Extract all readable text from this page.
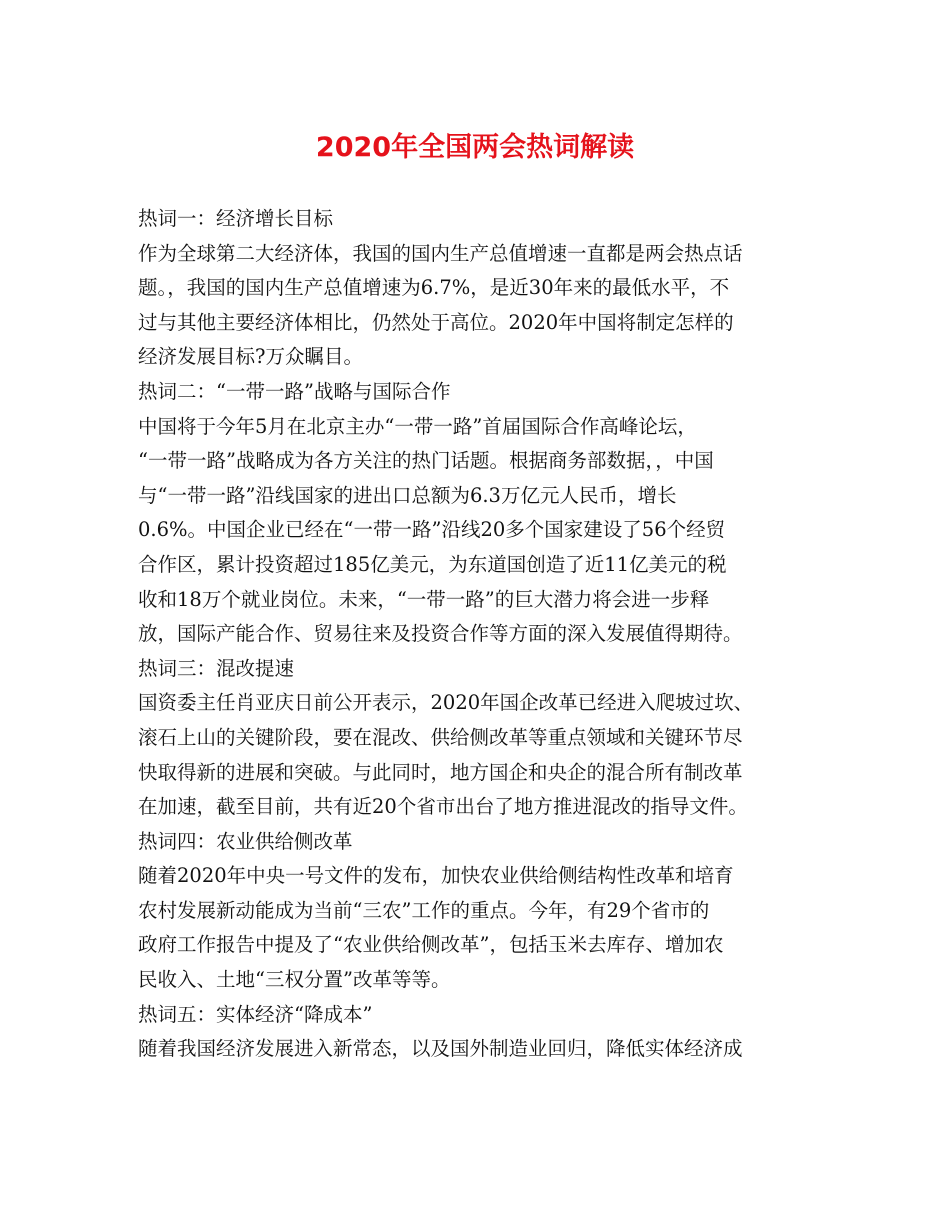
2020年全国两会热词解读
热词一：经济增长目标
作为全球第二大经济体，我国的国内生产总值增速一直都是两会热点话
题。，我国的国内生产总值增速为6.7%，是近30年来的最低水平，不
过与其他主要经济体相比，仍然处于高位。2020年中国将制定怎样的
经济发展目标?万众瞩目。
热词二：“一带一路”战略与国际合作
中国将于今年5月在北京主办“一带一路”首届国际合作高峰论坛，
“一带一路”战略成为各方关注的热门话题。根据商务部数据，，中国
与“一带一路”沿线国家的进出口总额为6.3万亿元人民币，增长
0.6%。中国企业已经在“一带一路”沿线20多个国家建设了56个经贸
合作区，累计投资超过185亿美元，为东道国创造了近11亿美元的税
收和18万个就业岗位。未来，“一带一路”的巨大潜力将会进一步释
放，国际产能合作、贸易往来及投资合作等方面的深入发展值得期待。
热词三：混改提速
国资委主任肖亚庆日前公开表示，2020年国企改革已经进入爬坡过坎、
滚石上山的关键阶段，要在混改、供给侧改革等重点领域和关键环节尽
快取得新的进展和突破。与此同时，地方国企和央企的混合所有制改革
在加速，截至目前，共有近20个省市出台了地方推进混改的指导文件。
热词四：农业供给侧改革
随着2020年中央一号文件的发布，加快农业供给侧结构性改革和培育
农村发展新动能成为当前“三农”工作的重点。今年，有29个省市的
政府工作报告中提及了“农业供给侧改革”，包括玉米去库存、增加农
民收入、土地“三权分置”改革等等。
热词五：实体经济“降成本”
随着我国经济发展进入新常态，以及国外制造业回归，降低实体经济成
